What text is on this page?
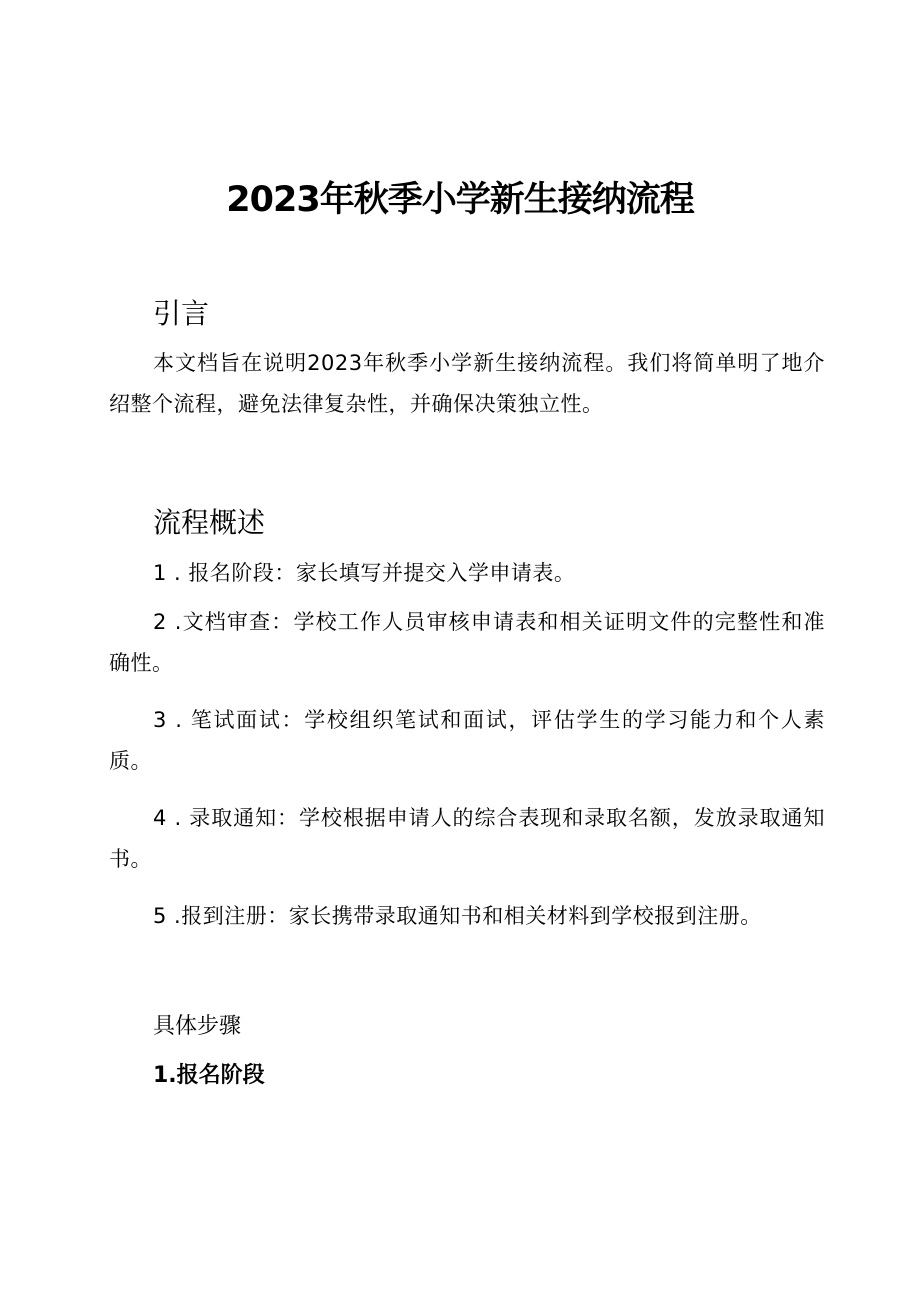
2023年秋季小学新生接纳流程
引言

本文档旨在说明2023年秋季小学新生接纳流程。我们将简单明了地介绍整个流程，避免法律复杂性，并确保决策独立性。

流程概述

1 . 报名阶段：家长填写并提交入学申请表。

2 .文档审查：学校工作人员审核申请表和相关证明文件的完整性和准确性。

3 . 笔试面试：学校组织笔试和面试，评估学生的学习能力和个人素质。

4 . 录取通知：学校根据申请人的综合表现和录取名额，发放录取通知书。

5 .报到注册：家长携带录取通知书和相关材料到学校报到注册。

具体步骤
1.报名阶段
